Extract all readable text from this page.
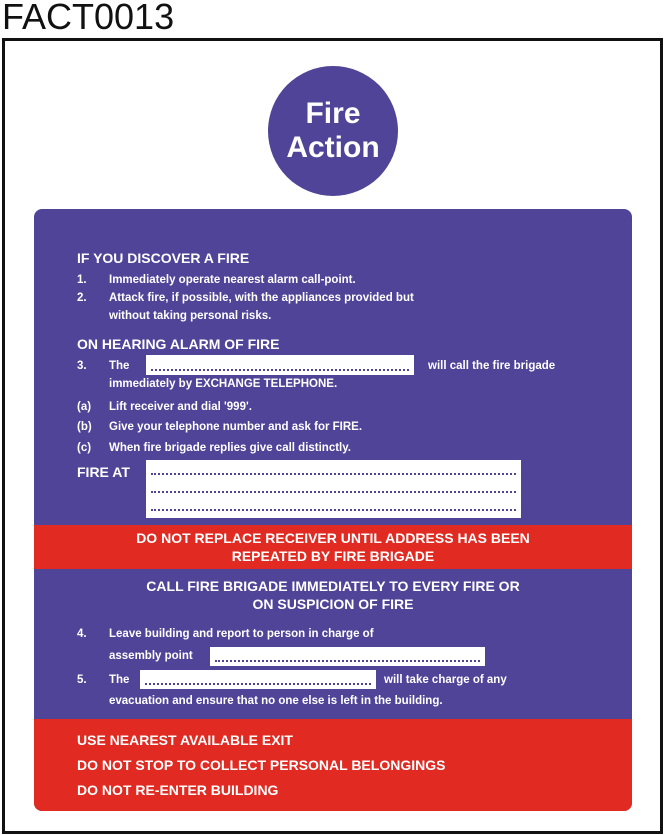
FACT0013
Fire
Action
IF YOU DISCOVER A FIRE
1. Immediately operate nearest alarm call-point.
2. Attack fire, if possible, with the appliances provided but
without taking personal risks.
ON HEARING ALARM OF FIRE
3. The	will call the fire brigade
immediately by EXCHANGE TELEPHONE.
(a) Lift receiver and dial '999'.
(b) Give your telephone number and ask for FIRE.
(c) When fire brigade replies give call distinctly.
FIRE AT
DO NOT REPLACE RECEIVER UNTIL ADDRESS HAS BEEN
REPEATED BY FIRE BRIGADE
CALL FIRE BRIGADE IMMEDIATELY TO EVERY FIRE OR
ON SUSPICION OF FIRE
4. Leave building and report to person in charge of
assembly point
5. The	will take charge of any
evacuation and ensure that no one else is left in the building.
USE NEAREST AVAILABLE EXIT
DO NOT STOP TO COLLECT PERSONAL BELONGINGS
DO NOT RE-ENTER BUILDING
